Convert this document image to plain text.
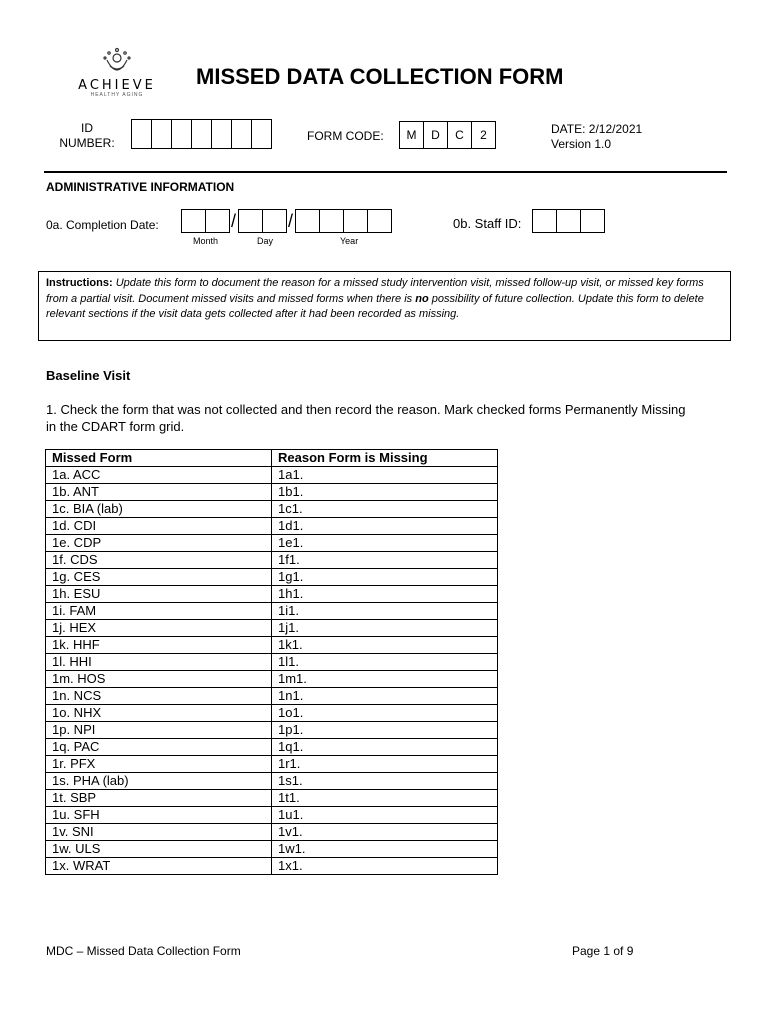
ACHIEVE
HEALTHY AGING
MISSED DATA COLLECTION FORM
ID NUMBER:	FORM CODE:	M	D	C	2	DATE: 2/12/2021
Version 1.0
ADMINISTRATIVE INFORMATION
0a. Completion Date:	/	/
Month	Day	Year
0b. Staff ID:
Instructions: Update this form to document the reason for a missed study intervention visit, missed follow-up visit, or missed key forms from a partial visit. Document missed visits and missed forms when there is no possibility of future collection. Update this form to delete relevant sections if the visit data gets collected after it had been recorded as missing.
Baseline Visit
1. Check the form that was not collected and then record the reason. Mark checked forms Permanently Missing in the CDART form grid.
Missed Form	Reason Form is Missing
1a. ACC	1a1.
1b. ANT	1b1.
1c. BIA (lab)	1c1.
1d. CDI	1d1.
1e. CDP	1e1.
1f. CDS	1f1.
1g. CES	1g1.
1h. ESU	1h1.
1i. FAM	1i1.
1j. HEX	1j1.
1k. HHF	1k1.
1l. HHI	1l1.
1m. HOS	1m1.
1n. NCS	1n1.
1o. NHX	1o1.
1p. NPI	1p1.
1q. PAC	1q1.
1r. PFX	1r1.
1s. PHA (lab)	1s1.
1t. SBP	1t1.
1u. SFH	1u1.
1v. SNI	1v1.
1w. ULS	1w1.
1x. WRAT	1x1.
MDC – Missed Data Collection Form	Page 1 of 9
